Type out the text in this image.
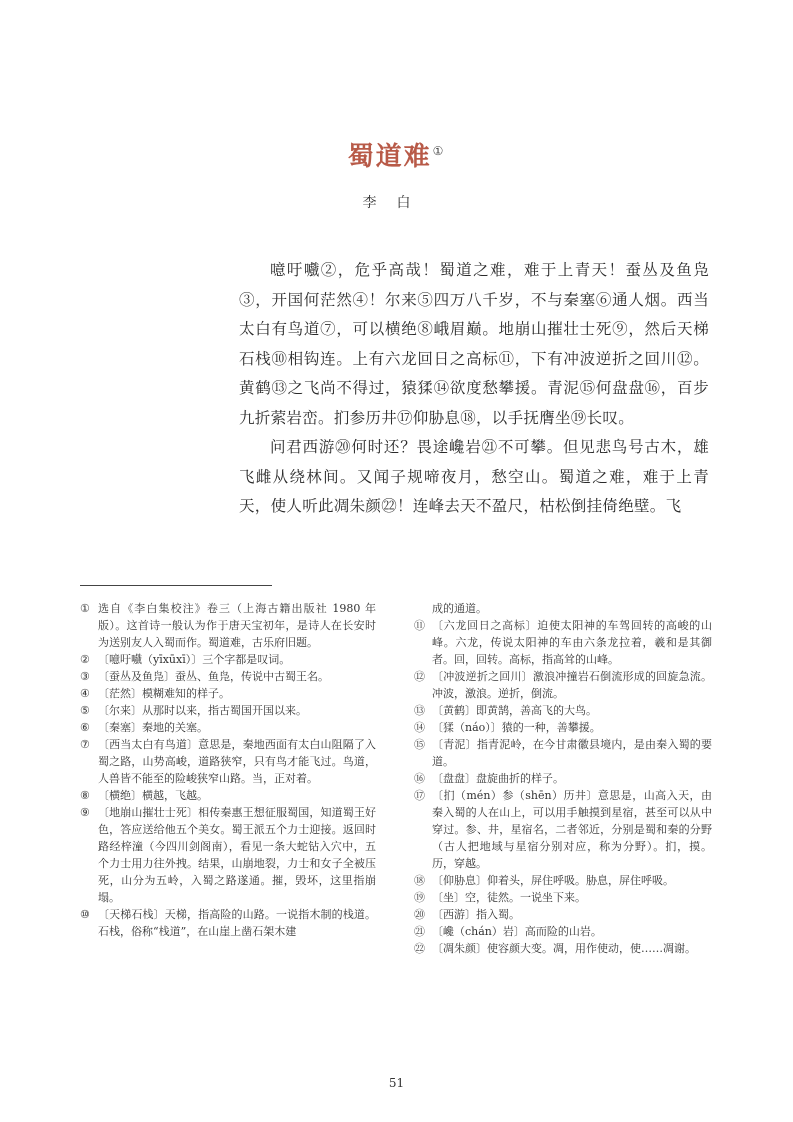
蜀道难①
李白

噫吁嚱②，危乎高哉！蜀道之难，难于上青天！蚕丛及鱼凫③，开国何茫然④！尔来⑤四万八千岁，不与秦塞⑥通人烟。西当太白有鸟道⑦，可以横绝⑧峨眉巅。地崩山摧壮士死⑨，然后天梯石栈⑩相钩连。上有六龙回日之高标⑪，下有冲波逆折之回川⑫。黄鹤⑬之飞尚不得过，猿猱⑭欲度愁攀援。青泥⑮何盘盘⑯，百步九折萦岩峦。扪参历井⑰仰胁息⑱，以手抚膺坐⑲长叹。

问君西游⑳何时还？畏途巉岩㉑不可攀。但见悲鸟号古木，雄飞雌从绕林间。又闻子规啼夜月，愁空山。蜀道之难，难于上青天，使人听此凋朱颜㉒！连峰去天不盈尺，枯松倒挂倚绝壁。飞

① 选自《李白集校注》卷三（上海古籍出版社 1980 年版）。这首诗一般认为作于唐天宝初年，是诗人在长安时为送别友人入蜀而作。蜀道难，古乐府旧题。
② 〔噫吁嚱（yīxūxī）〕三个字都是叹词。
③ 〔蚕丛及鱼凫〕蚕丛、鱼凫，传说中古蜀王名。
④ 〔茫然〕模糊难知的样子。
⑤ 〔尔来〕从那时以来，指古蜀国开国以来。
⑥ 〔秦塞〕秦地的关塞。
⑦ 〔西当太白有鸟道〕意思是，秦地西面有太白山阻隔了入蜀之路，山势高峻，道路狭窄，只有鸟才能飞过。鸟道，人兽皆不能至的险峻狭窄山路。当，正对着。
⑧ 〔横绝〕横越，飞越。
⑨ 〔地崩山摧壮士死〕相传秦惠王想征服蜀国，知道蜀王好色，答应送给他五个美女。蜀王派五个力士迎接。返回时路经梓潼（今四川剑阁南），看见一条大蛇钻入穴中，五个力士用力往外拽。结果，山崩地裂，力士和女子全被压死，山分为五岭，入蜀之路遂通。摧，毁坏，这里指崩塌。
⑩ 〔天梯石栈〕天梯，指高险的山路。一说指木制的栈道。石栈，俗称“栈道”，在山崖上凿石架木建
成的通道。
⑪ 〔六龙回日之高标〕迫使太阳神的车驾回转的高峻的山峰。六龙，传说太阳神的车由六条龙拉着，羲和是其御者。回，回转。高标，指高耸的山峰。
⑫ 〔冲波逆折之回川〕激浪冲撞岩石倒流形成的回旋急流。冲波，激浪。逆折，倒流。
⑬ 〔黄鹤〕即黄鹄，善高飞的大鸟。
⑭ 〔猱（náo）〕猿的一种，善攀援。
⑮ 〔青泥〕指青泥岭，在今甘肃徽县境内，是由秦入蜀的要道。
⑯ 〔盘盘〕盘旋曲折的样子。
⑰ 〔扪（mén）参（shēn）历井〕意思是，山高入天，由秦入蜀的人在山上，可以用手触摸到星宿，甚至可以从中穿过。参、井，星宿名，二者邻近，分别是蜀和秦的分野（古人把地域与星宿分别对应，称为分野）。扪，摸。历，穿越。
⑱ 〔仰胁息〕仰着头，屏住呼吸。胁息，屏住呼吸。
⑲ 〔坐〕空，徒然。一说坐下来。
⑳ 〔西游〕指入蜀。
㉑ 〔巉（chán）岩〕高而险的山岩。
㉒ 〔凋朱颜〕使容颜大变。凋，用作使动，使……凋谢。
51
